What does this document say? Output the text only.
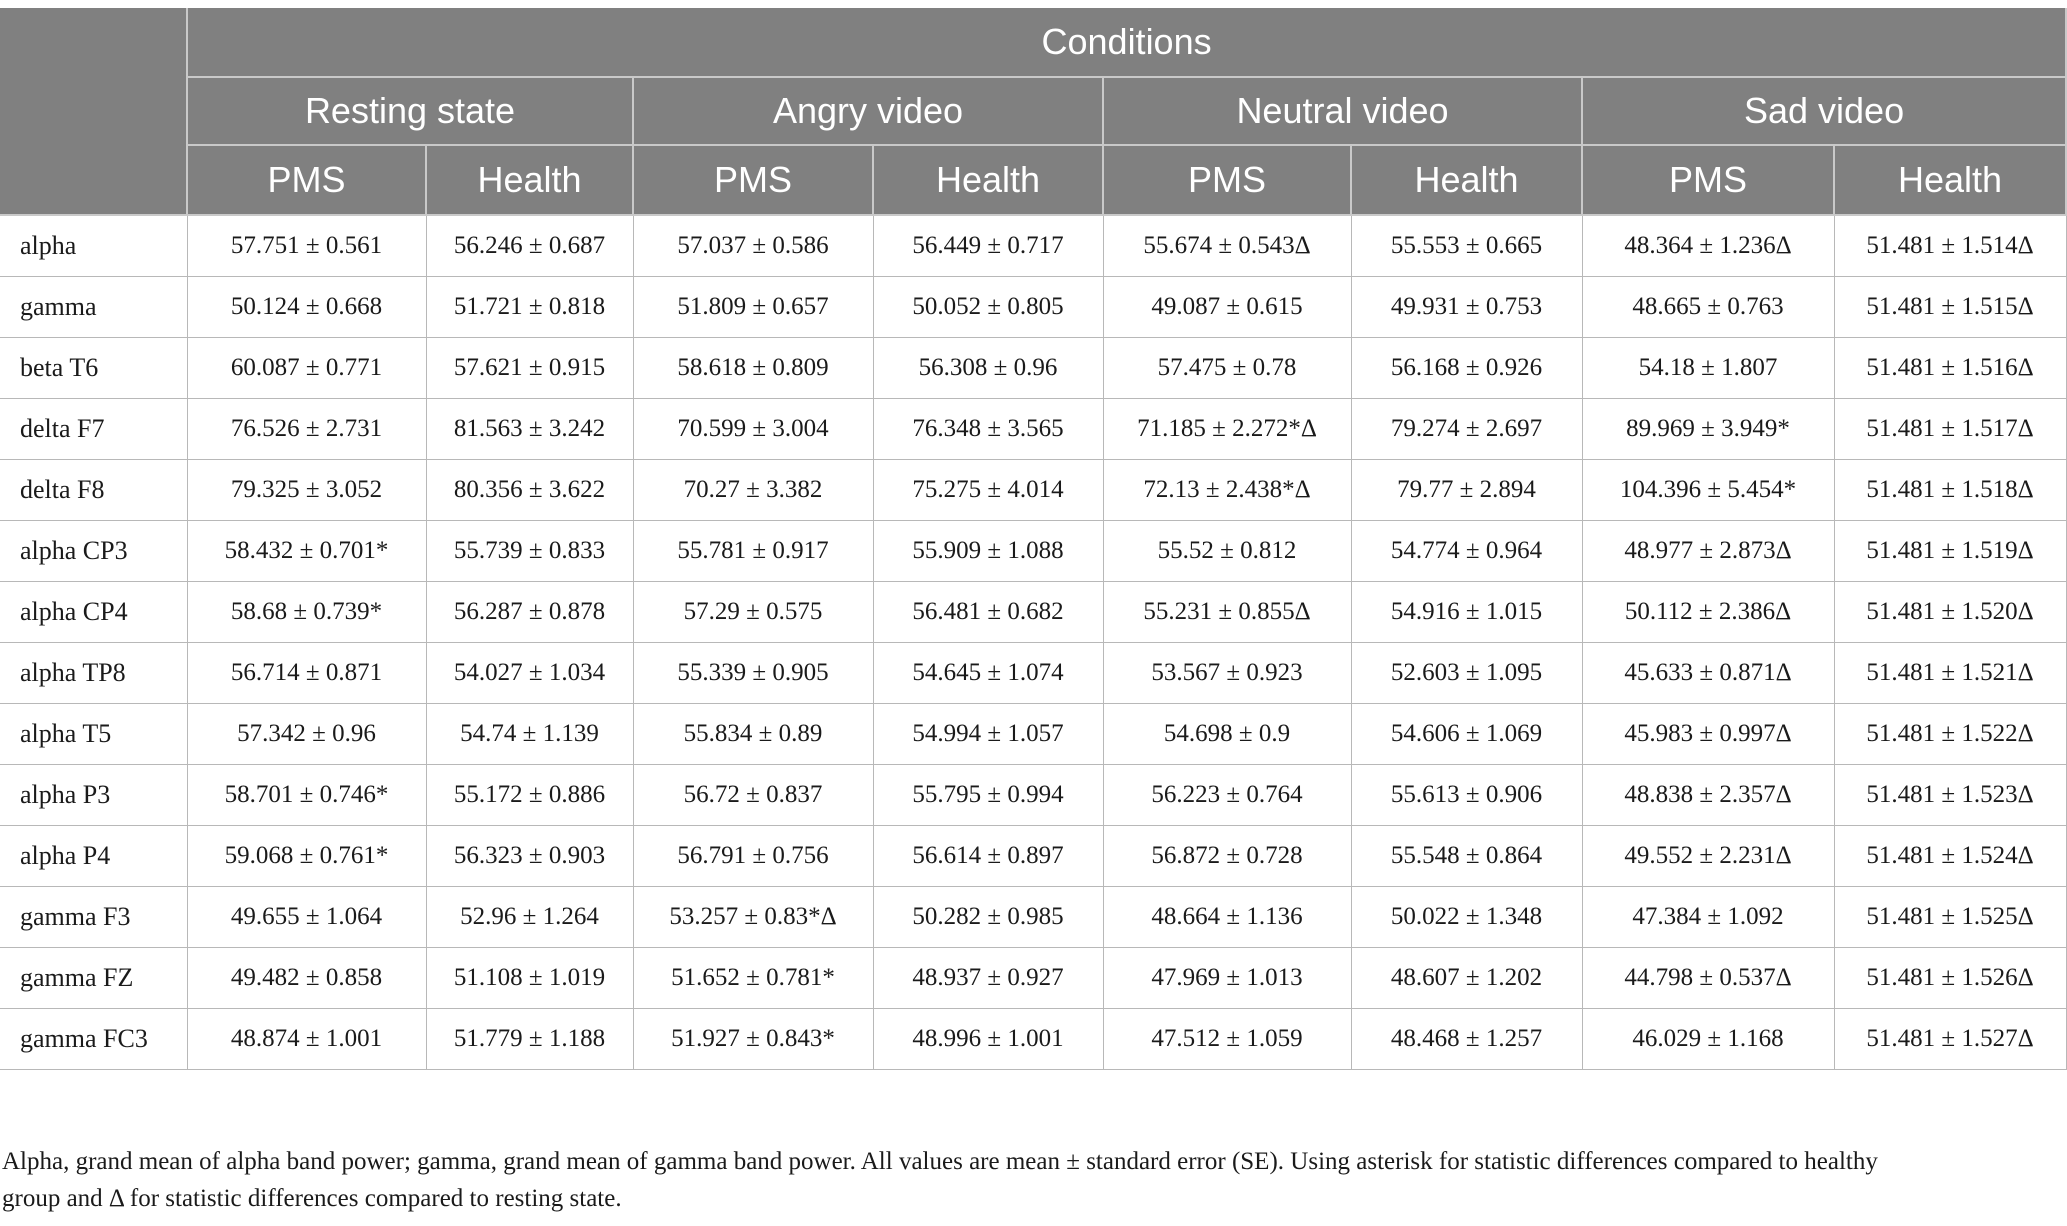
	Conditions							
	Resting state		Angry video		Neutral video		Sad video	
	PMS	Health	PMS	Health	PMS	Health	PMS	Health
alpha	57.751 ± 0.561	56.246 ± 0.687	57.037 ± 0.586	56.449 ± 0.717	55.674 ± 0.543Δ	55.553 ± 0.665	48.364 ± 1.236Δ	51.481 ± 1.514Δ
gamma	50.124 ± 0.668	51.721 ± 0.818	51.809 ± 0.657	50.052 ± 0.805	49.087 ± 0.615	49.931 ± 0.753	48.665 ± 0.763	51.481 ± 1.515Δ
beta T6	60.087 ± 0.771	57.621 ± 0.915	58.618 ± 0.809	56.308 ± 0.96	57.475 ± 0.78	56.168 ± 0.926	54.18 ± 1.807	51.481 ± 1.516Δ
delta F7	76.526 ± 2.731	81.563 ± 3.242	70.599 ± 3.004	76.348 ± 3.565	71.185 ± 2.272*Δ	79.274 ± 2.697	89.969 ± 3.949*	51.481 ± 1.517Δ
delta F8	79.325 ± 3.052	80.356 ± 3.622	70.27 ± 3.382	75.275 ± 4.014	72.13 ± 2.438*Δ	79.77 ± 2.894	104.396 ± 5.454*	51.481 ± 1.518Δ
alpha CP3	58.432 ± 0.701*	55.739 ± 0.833	55.781 ± 0.917	55.909 ± 1.088	55.52 ± 0.812	54.774 ± 0.964	48.977 ± 2.873Δ	51.481 ± 1.519Δ
alpha CP4	58.68 ± 0.739*	56.287 ± 0.878	57.29 ± 0.575	56.481 ± 0.682	55.231 ± 0.855Δ	54.916 ± 1.015	50.112 ± 2.386Δ	51.481 ± 1.520Δ
alpha TP8	56.714 ± 0.871	54.027 ± 1.034	55.339 ± 0.905	54.645 ± 1.074	53.567 ± 0.923	52.603 ± 1.095	45.633 ± 0.871Δ	51.481 ± 1.521Δ
alpha T5	57.342 ± 0.96	54.74 ± 1.139	55.834 ± 0.89	54.994 ± 1.057	54.698 ± 0.9	54.606 ± 1.069	45.983 ± 0.997Δ	51.481 ± 1.522Δ
alpha P3	58.701 ± 0.746*	55.172 ± 0.886	56.72 ± 0.837	55.795 ± 0.994	56.223 ± 0.764	55.613 ± 0.906	48.838 ± 2.357Δ	51.481 ± 1.523Δ
alpha P4	59.068 ± 0.761*	56.323 ± 0.903	56.791 ± 0.756	56.614 ± 0.897	56.872 ± 0.728	55.548 ± 0.864	49.552 ± 2.231Δ	51.481 ± 1.524Δ
gamma F3	49.655 ± 1.064	52.96 ± 1.264	53.257 ± 0.83*Δ	50.282 ± 0.985	48.664 ± 1.136	50.022 ± 1.348	47.384 ± 1.092	51.481 ± 1.525Δ
gamma FZ	49.482 ± 0.858	51.108 ± 1.019	51.652 ± 0.781*	48.937 ± 0.927	47.969 ± 1.013	48.607 ± 1.202	44.798 ± 0.537Δ	51.481 ± 1.526Δ
gamma FC3	48.874 ± 1.001	51.779 ± 1.188	51.927 ± 0.843*	48.996 ± 1.001	47.512 ± 1.059	48.468 ± 1.257	46.029 ± 1.168	51.481 ± 1.527Δ

Alpha, grand mean of alpha band power; gamma, grand mean of gamma band power. All values are mean ± standard error (SE). Using asterisk for statistic differences compared to healthy

group and Δ for statistic differences compared to resting state.
